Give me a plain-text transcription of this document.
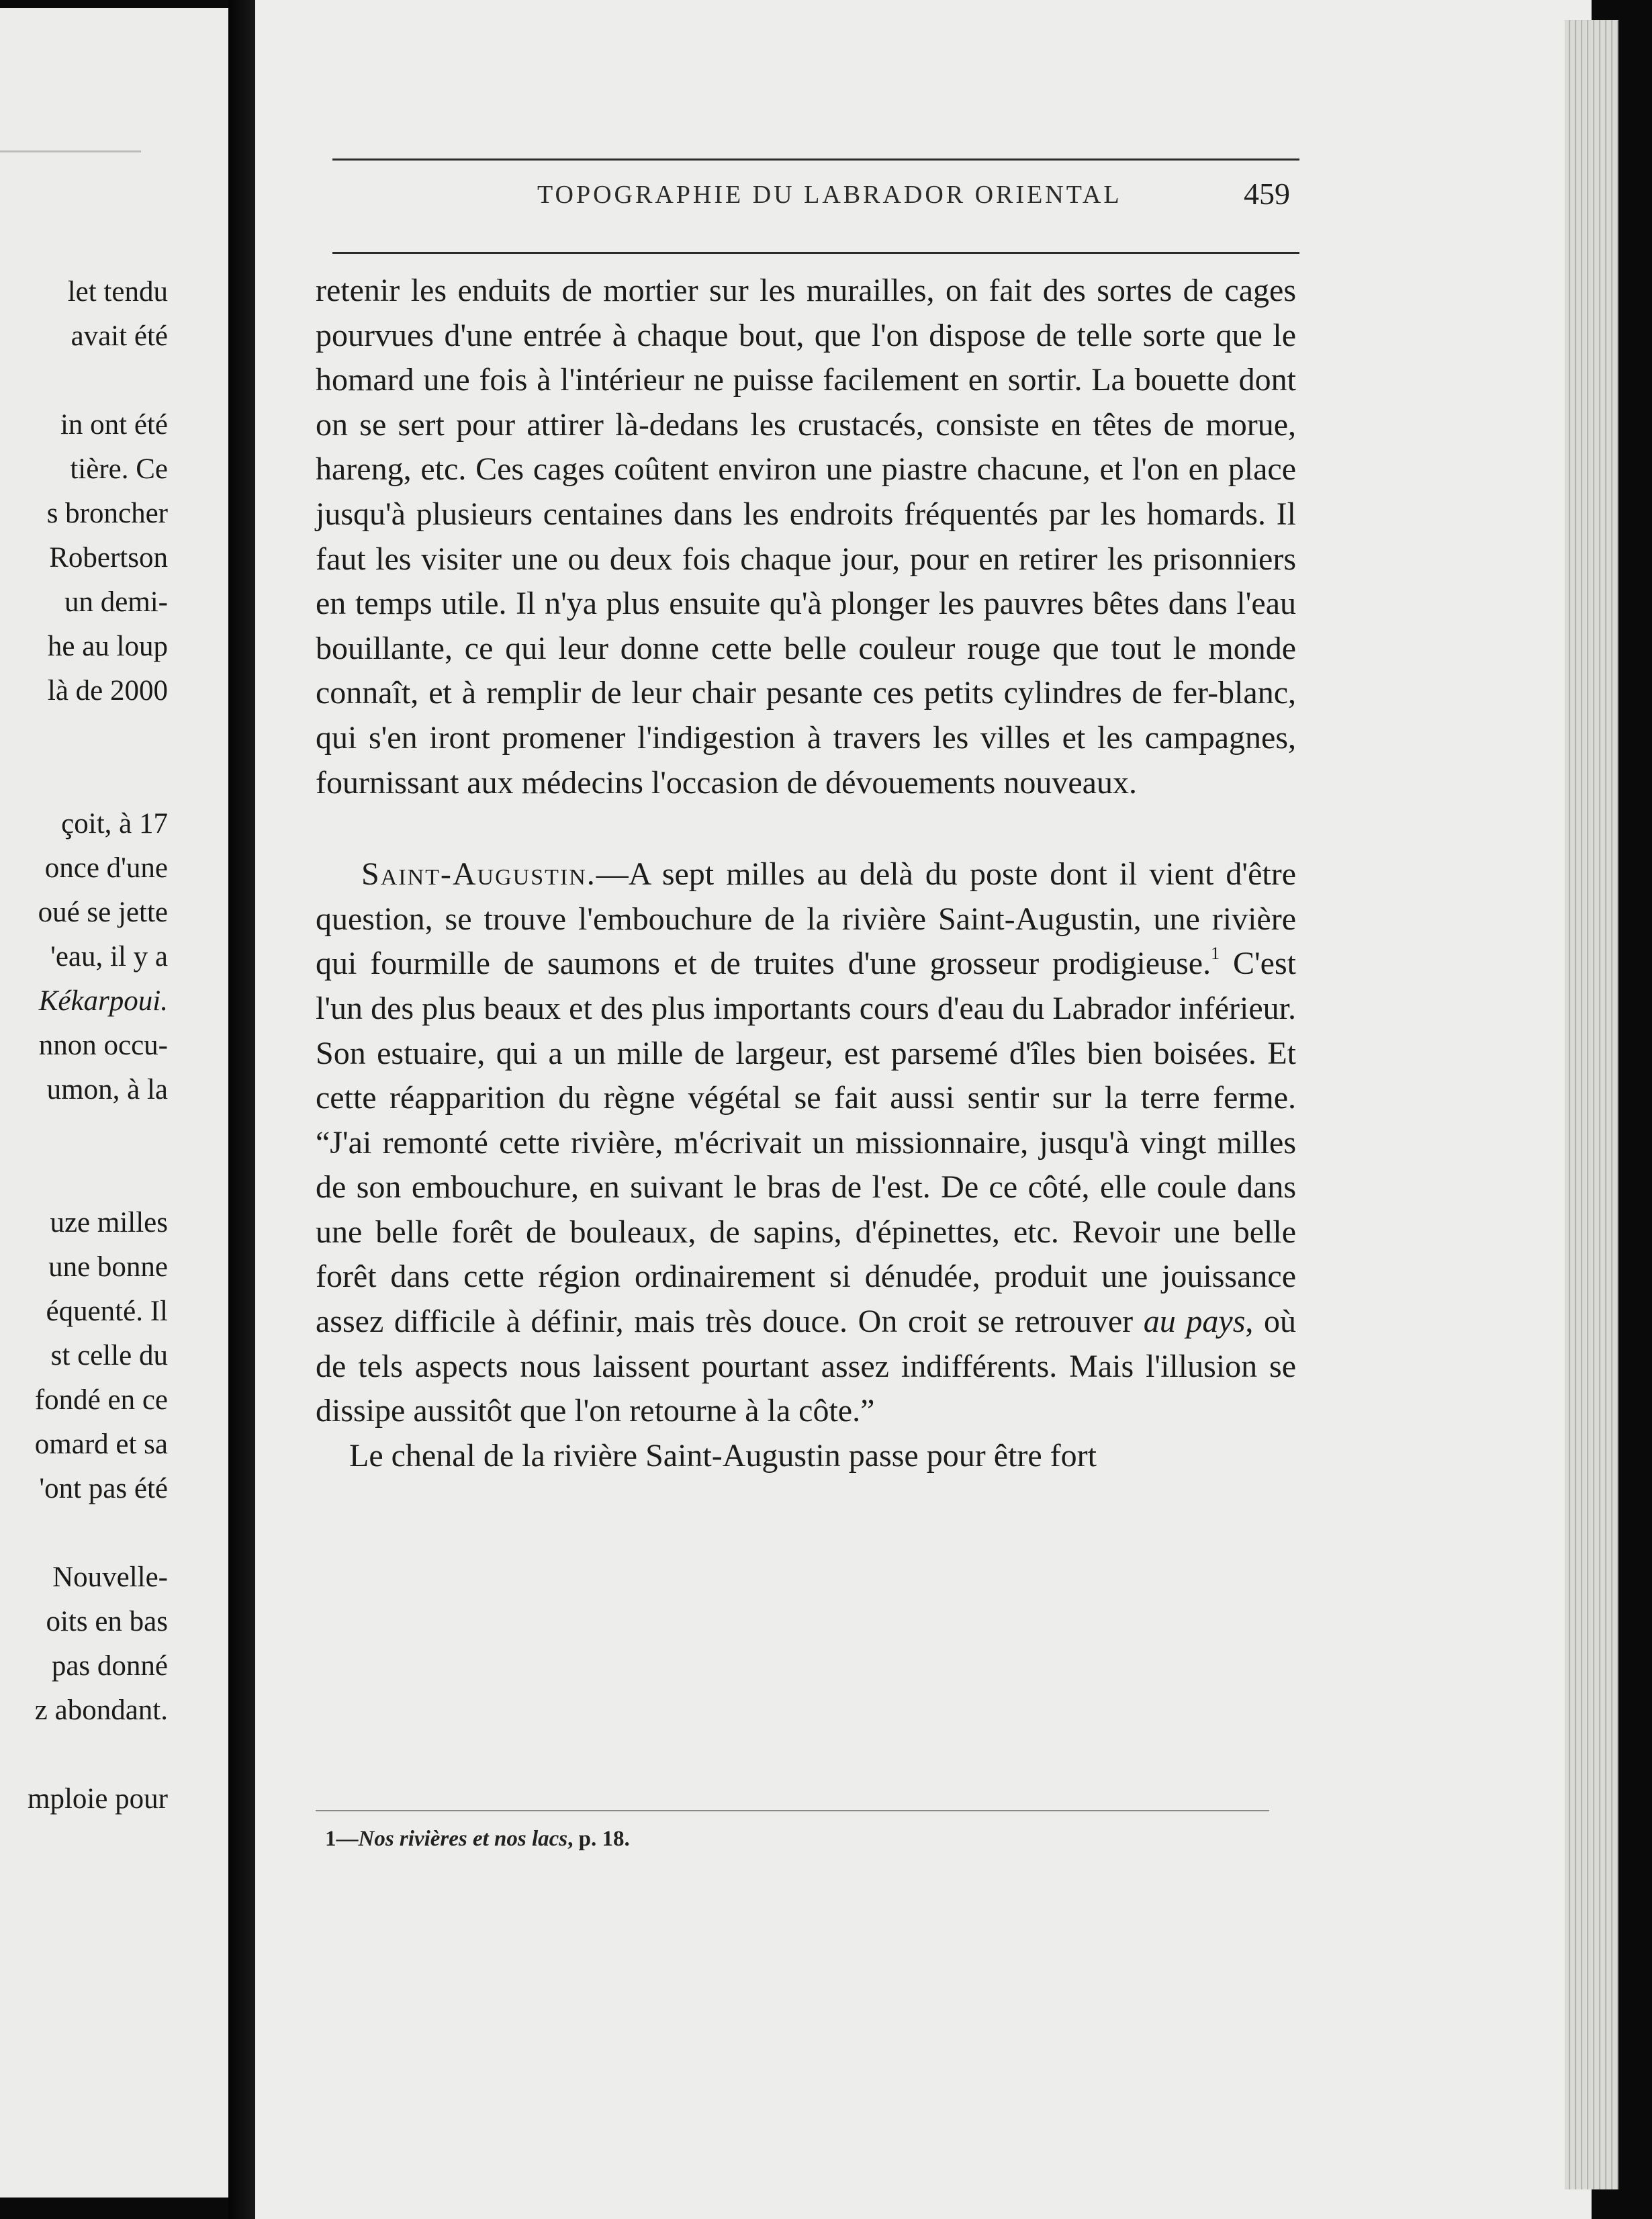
let tendu
avait été
in ont été
tière. Ce
s broncher
Robertson
un demi-
he au loup
là de 2000
çoit, à 17
once d'une
oué se jette
'eau, il y a
Kékarpoui.
nnon occu-
umon, à la
uze milles
une bonne
équenté. Il
st celle du
fondé en ce
omard et sa
'ont pas été
Nouvelle-
oits en bas
pas donné
z abondant.
mploie pour
TOPOGRAPHIE DU LABRADOR ORIENTAL	459

retenir les enduits de mortier sur les murailles, on fait des sortes de cages pourvues d'une entrée à chaque bout, que l'on dispose de telle sorte que le homard une fois à l'intérieur ne puisse facilement en sortir. La bouette dont on se sert pour attirer là-dedans les crustacés, consiste en têtes de morue, hareng, etc. Ces cages coûtent environ une piastre chacune, et l'on en place jusqu'à plusieurs centaines dans les endroits fréquentés par les homards. Il faut les visiter une ou deux fois chaque jour, pour en retirer les prisonniers en temps utile. Il n'ya plus ensuite qu'à plonger les pauvres bêtes dans l'eau bouillante, ce qui leur donne cette belle couleur rouge que tout le monde connaît, et à remplir de leur chair pesante ces petits cylindres de fer-blanc, qui s'en iront promener l'indigestion à travers les villes et les campagnes, fournissant aux médecins l'occasion de dévouements nouveaux.

Saint-Augustin.—A sept milles au delà du poste dont il vient d'être question, se trouve l'embouchure de la rivière Saint-Augustin, une rivière qui fourmille de saumons et de truites d'une grosseur prodigieuse.$^1$ C'est l'un des plus beaux et des plus importants cours d'eau du Labrador inférieur. Son estuaire, qui a un mille de largeur, est parsemé d'îles bien boisées. Et cette réapparition du règne végétal se fait aussi sentir sur la terre ferme. “J'ai remonté cette rivière, m'écrivait un missionnaire, jusqu'à vingt milles de son embouchure, en suivant le bras de l'est. De ce côté, elle coule dans une belle forêt de bouleaux, de sapins, d'épinettes, etc. Revoir une belle forêt dans cette région ordinairement si dénudée, produit une jouissance assez difficile à définir, mais très douce. On croit se retrouver au pays, où de tels aspects nous laissent pourtant assez indifférents. Mais l'illusion se dissipe aussitôt que l'on retourne à la côte.”

Le chenal de la rivière Saint-Augustin passe pour être fort

1—Nos rivières et nos lacs, p. 18.
